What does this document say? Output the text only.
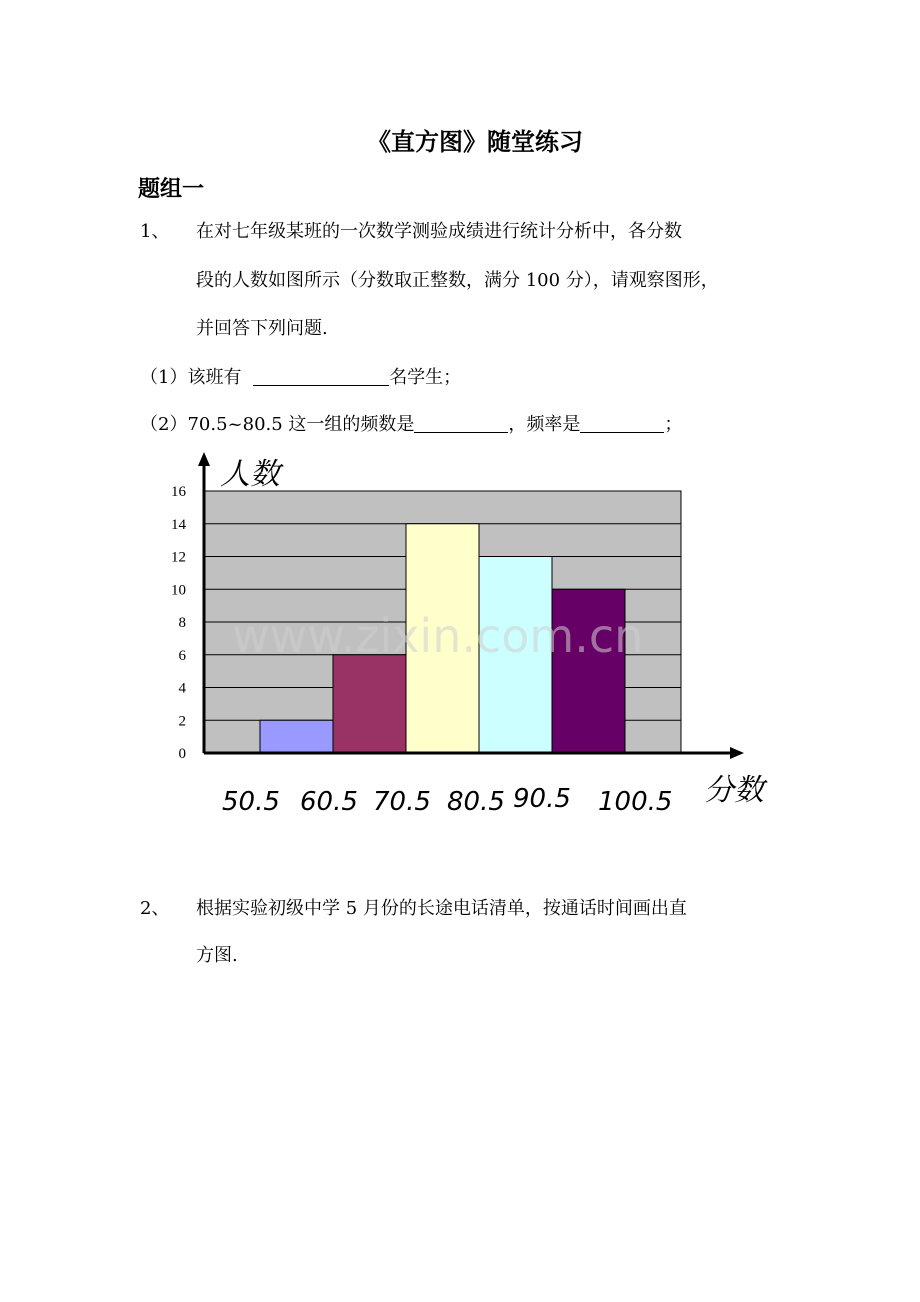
《直方图》随堂练习
题组一
1、 在对七年级某班的一次数学测验成绩进行统计分析中，各分数
段的人数如图所示（分数取正整数，满分 100 分），请观察图形，
并回答下列问题.
（1）该班有	名学生；
（2）70.5~80.5 这一组的频数是	，频率是	；
0
2
4
6
8
10
12
14
16
50.5 60.5 70.5 80.5 90.5 100.5
www.zixin.com.cn
人数
分数
2、 根据实验初级中学 5 月份的长途电话清单，按通话时间画出直
方图.
